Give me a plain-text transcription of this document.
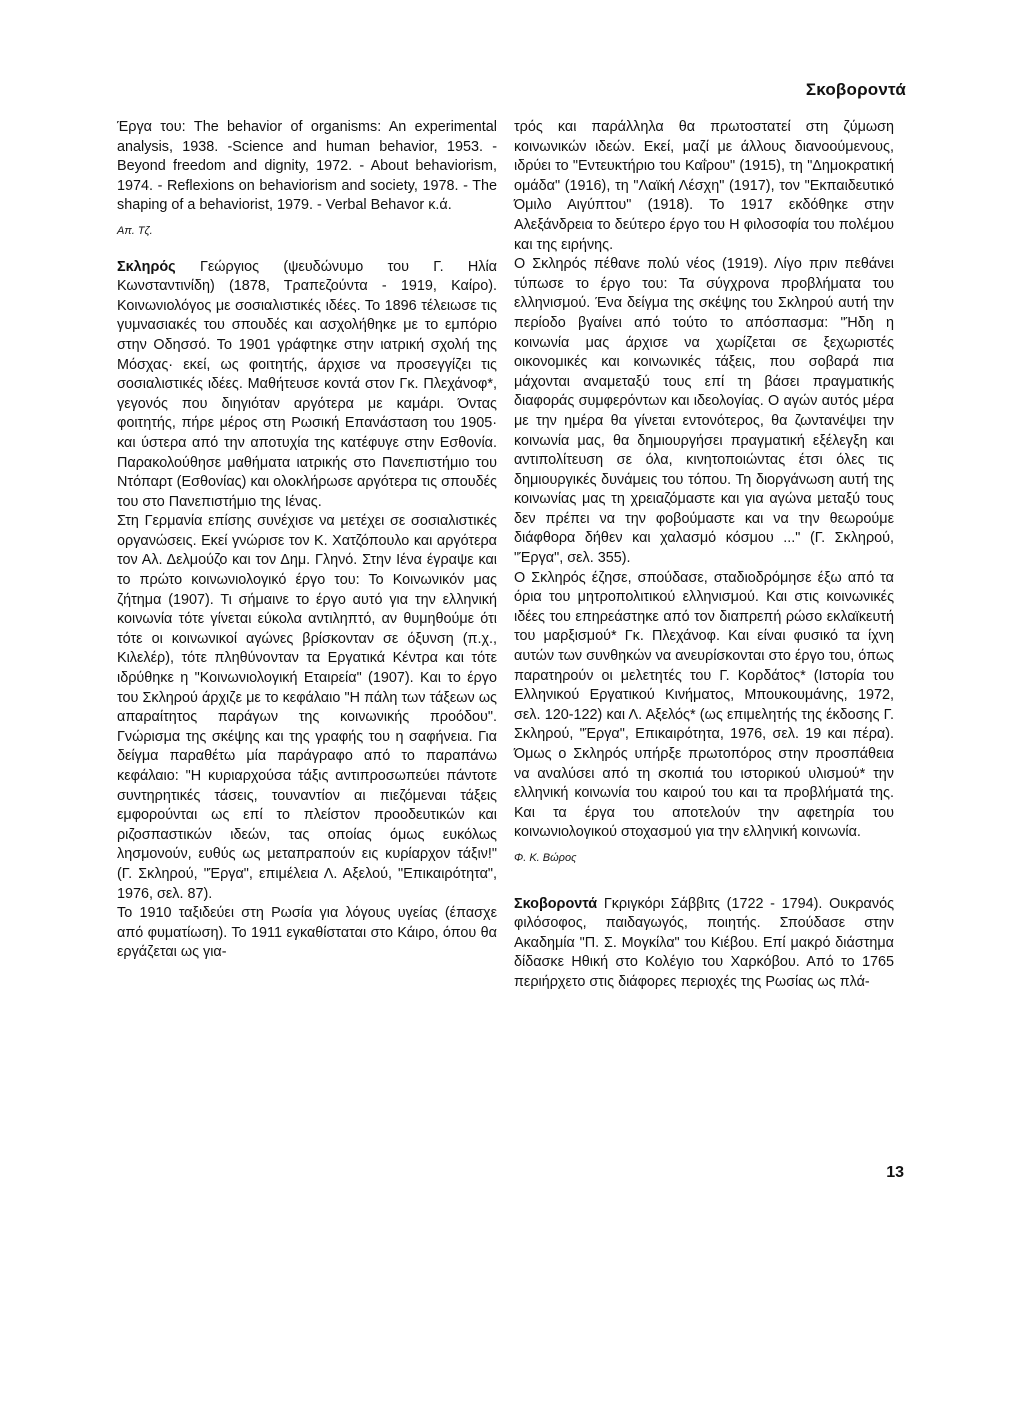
Σκοβοροντά

Έργα του: The behavior of organisms: An experimental analysis, 1938. -Science and human behavior, 1953. - Beyond freedom and dignity, 1972. - About behaviorism, 1974. - Reflexions on behaviorism and society, 1978. - The shaping of a behaviorist, 1979. - Verbal Behavor κ.ά.

Απ. Τζ.

Σκληρός Γεώργιος (ψευδώνυμο του Γ. Ηλία Κωνσταντινίδη) (1878, Τραπεζούντα - 1919, Καίρο). Κοινωνιολόγος με σοσιαλιστικές ιδέες. Το 1896 τέλειωσε τις γυμνασιακές του σπουδές και ασχολήθηκε με το εμπόριο στην Οδησσό. Το 1901 γράφτηκε στην ιατρική σχολή της Μόσχας· εκεί, ως φοιτητής, άρχισε να προσεγγίζει τις σοσιαλιστικές ιδέες. Μαθήτευσε κοντά στον Γκ. Πλεχάνοφ*, γεγονός που διηγιόταν αργότερα με καμάρι. Όντας φοιτητής, πήρε μέρος στη Ρωσική Επανάσταση του 1905· και ύστερα από την αποτυχία της κατέφυγε στην Εσθονία. Παρακολούθησε μαθήματα ιατρικής στο Πανεπιστήμιο του Ντόπαρτ (Εσθονίας) και ολοκλήρωσε αργότερα τις σπουδές του στο Πανεπιστήμιο της Ιένας.

Στη Γερμανία επίσης συνέχισε να μετέχει σε σοσιαλιστικές οργανώσεις. Εκεί γνώρισε τον Κ. Χατζόπουλο και αργότερα τον Αλ. Δελμούζο και τον Δημ. Γληνό. Στην Ιένα έγραψε και το πρώτο κοινωνιολογικό έργο του: Το Κοινωνικόν μας ζήτημα (1907). Τι σήμαινε το έργο αυτό για την ελληνική κοινωνία τότε γίνεται εύκολα αντιληπτό, αν θυμηθούμε ότι τότε οι κοινωνικοί αγώνες βρίσκονταν σε όξυνση (π.χ., Κιλελέρ), τότε πληθύνονταν τα Εργατικά Κέντρα και τότε ιδρύθηκε η "Κοινωνιολογική Εταιρεία" (1907). Και το έργο του Σκληρού άρχιζε με το κεφάλαιο "Η πάλη των τάξεων ως απαραίτητος παράγων της κοινωνικής προόδου". Γνώρισμα της σκέψης και της γραφής του η σαφήνεια. Για δείγμα παραθέτω μία παράγραφο από το παραπάνω κεφάλαιο: "Η κυριαρχούσα τάξις αντιπροσωπεύει πάντοτε συντηρητικές τάσεις, τουναντίον αι πιεζόμεναι τάξεις εμφορούνται ως επί το πλείστον προοδευτικών και ριζοσπαστικών ιδεών, τας οποίας όμως ευκόλως λησμονούν, ευθύς ως μεταπραπούν εις κυρίαρχον τάξιν!" (Γ. Σκληρού, "Έργα", επιμέλεια Λ. Αξελού, "Επικαιρότητα", 1976, σελ. 87).

Το 1910 ταξιδεύει στη Ρωσία για λόγους υγείας (έπασχε από φυματίωση). Το 1911 εγκαθίσταται στο Κάιρο, όπου θα εργάζεται ως για-

τρός και παράλληλα θα πρωτοστατεί στη ζύμωση κοινωνικών ιδεών. Εκεί, μαζί με άλλους διανοούμενους, ιδρύει το "Εντευκτήριο του Καΐρου" (1915), τη "Δημοκρατική ομάδα" (1916), τη "Λαϊκή Λέσχη" (1917), τον "Εκπαιδευτικό Όμιλο Αιγύπτου" (1918). Το 1917 εκδόθηκε στην Αλεξάνδρεια το δεύτερο έργο του Η φιλοσοφία του πολέμου και της ειρήνης.

Ο Σκληρός πέθανε πολύ νέος (1919). Λίγο πριν πεθάνει τύπωσε το έργο του: Τα σύγχρονα προβλήματα του ελληνισμού. Ένα δείγμα της σκέψης του Σκληρού αυτή την περίοδο βγαίνει από τούτο το απόσπασμα: "Ήδη η κοινωνία μας άρχισε να χωρίζεται σε ξεχωριστές οικονομικές και κοινωνικές τάξεις, που σοβαρά πια μάχονται αναμεταξύ τους επί τη βάσει πραγματικής διαφοράς συμφερόντων και ιδεολογίας. Ο αγών αυτός μέρα με την ημέρα θα γίνεται εντονότερος, θα ζωντανέψει την κοινωνία μας, θα δημιουργήσει πραγματική εξέλεγξη και αντιπολίτευση σε όλα, κινητοποιώντας έτσι όλες τις δημιουργικές δυνάμεις του τόπου. Τη διοργάνωση αυτή της κοινωνίας μας τη χρειαζόμαστε και για αγώνα μεταξύ τους δεν πρέπει να την φοβούμαστε και να την θεωρούμε διάφθορα δήθεν και χαλασμό κόσμου ..." (Γ. Σκληρού, "Έργα", σελ. 355).

Ο Σκληρός έζησε, σπούδασε, σταδιοδρόμησε έξω από τα όρια του μητροπολιτικού ελληνισμού. Και στις κοινωνικές ιδέες του επηρεάστηκε από τον διαπρεπή ρώσο εκλαϊκευτή του μαρξισμού* Γκ. Πλεχάνοφ. Και είναι φυσικό τα ίχνη αυτών των συνθηκών να ανευρίσκονται στο έργο του, όπως παρατηρούν οι μελετητές του Γ. Κορδάτος* (Ιστορία του Ελληνικού Εργατικού Κινήματος, Μπουκουμάνης, 1972, σελ. 120-122) και Λ. Αξελός* (ως επιμελητής της έκδοσης Γ. Σκληρού, "Έργα", Επικαιρότητα, 1976, σελ. 19 και πέρα). Όμως ο Σκληρός υπήρξε πρωτοπόρος στην προσπάθεια να αναλύσει από τη σκοπιά του ιστορικού υλισμού* την ελληνική κοινωνία του καιρού του και τα προβλήματά της. Και τα έργα του αποτελούν την αφετηρία του κοινωνιολογικού στοχασμού για την ελληνική κοινωνία.

Φ. Κ. Βώρος

Σκοβοροντά Γκριγκόρι Σάββιτς (1722 - 1794). Ουκρανός φιλόσοφος, παιδαγωγός, ποιητής. Σπούδασε στην Ακαδημία "Π. Σ. Μογκίλα" του Κιέβου. Επί μακρό διάστημα δίδασκε Ηθική στο Κολέγιο του Χαρκόβου. Από το 1765 περιήρχετο στις διάφορες περιοχές της Ρωσίας ως πλά-

13
